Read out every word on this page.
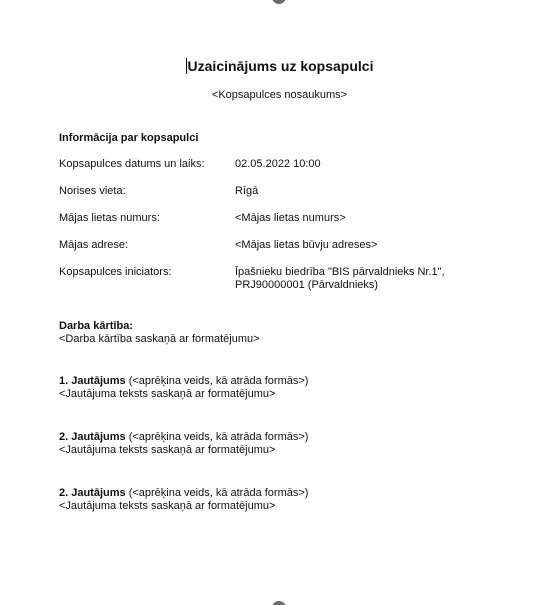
Uzaicinājums uz kopsapulci
<Kopsapulces nosaukums>
Informācija par kopsapulci
Kopsapulces datums un laiks:	02.05.2022 10:00
Norises vieta:	Rīgā
Mājas lietas numurs:	<Mājas lietas numurs>
Mājas adrese:	<Mājas lietas būvju adreses>
Kopsapulces iniciators:	Īpašnieku biedrība "BIS pārvaldnieks Nr.1",
PRJ90000001 (Pārvaldnieks)
Darba kārtība:
<Darba kārtība saskaņā ar formatējumu>
1. Jautājums (<aprēķina veids, kā atrāda formās>)
<Jautājuma teksts saskaņā ar formatējumu>
2. Jautājums (<aprēķina veids, kā atrāda formās>)
<Jautājuma teksts saskaņā ar formatējumu>
2. Jautājums (<aprēķina veids, kā atrāda formās>)
<Jautājuma teksts saskaņā ar formatējumu>
